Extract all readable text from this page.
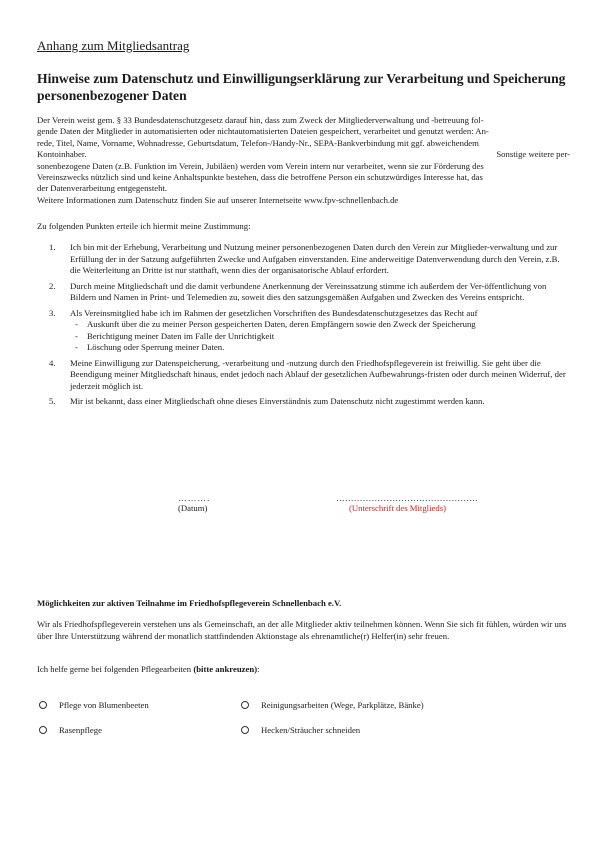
Anhang zum Mitgliedsantrag
Hinweise zum Datenschutz und Einwilligungserklärung zur Verarbeitung und Speicherung personenbezogener Daten

Der Verein weist gem. § 33 Bundesdatenschutzgesetz darauf hin, dass zum Zweck der Mitgliederverwaltung und -betreuung fol-

gende Daten der Mitglieder in automatisierten oder nichtautomatisierten Dateien gespeichert, verarbeitet und genutzt werden: An-

rede, Titel, Name, Vorname, Wohnadresse, Geburtsdatum, Telefon-/Handy-Nr., SEPA-Bankverbindung mit ggf. abweichendem

Kontoinhaber.	Sonstige weitere per-

sonenbezogene Daten (z.B. Funktion im Verein, Jubiläen) werden vom Verein intern nur verarbeitet, wenn sie zur Förderung des

Vereinszwecks nützlich sind und keine Anhaltspunkte bestehen, dass die betroffene Person ein schutzwürdiges Interesse hat, das

der Datenverarbeitung entgegensteht.

Weitere Informationen zum Datenschutz finden Sie auf unserer Internetseite www.fpv-schnellenbach.de

Zu folgenden Punkten erteile ich hiermit meine Zustimmung:
1. Ich bin mit der Erhebung, Verarbeitung und Nutzung meiner personenbezogenen Daten durch den Verein zur Mitglieder-verwaltung und zur Erfüllung der in der Satzung aufgeführten Zwecke und Aufgaben einverstanden. Eine anderweitige Datenverwendung durch den Verein, z.B. die Weiterleitung an Dritte ist nur statthaft, wenn dies der organisatorische Ablauf erfordert.
2. Durch meine Mitgliedschaft und die damit verbundene Anerkennung der Vereinssatzung stimme ich außerdem der Ver-öffentlichung von Bildern und Namen in Print- und Telemedien zu, soweit dies den satzungsgemäßen Aufgaben und Zwecken des Vereins entspricht.
3. Als Vereinsmitglied habe ich im Rahmen der gesetzlichen Vorschriften des Bundesdatenschutzgesetzes das Recht auf
- Auskunft über die zu meiner Person gespeicherten Daten, deren Empfängern sowie den Zweck der Speicherung
- Berichtigung meiner Daten im Falle der Unrichtigkeit
- Löschung oder Sperrung meiner Daten.
4. Meine Einwilligung zur Datenspeicherung, -verarbeitung und -nutzung durch den Friedhofspflegeverein ist freiwillig. Sie geht über die Beendigung meiner Mitgliedschaft hinaus, endet jedoch nach Ablauf der gesetzlichen Aufbewahrungs-fristen oder durch meinen Widerruf, der jederzeit möglich ist.
5. Mir ist bekannt, dass einer Mitgliedschaft ohne dieses Einverständnis zum Datenschutz nicht zugestimmt werden kann.
……….	…………………………………………
(Datum)	(Unterschrift des Mitglieds)
Möglichkeiten zur aktiven Teilnahme im Friedhofspflegeverein Schnellenbach e.V.
Wir als Friedhofspflegeverein verstehen uns als Gemeinschaft, an der alle Mitglieder aktiv teilnehmen können. Wenn Sie sich fit fühlen, würden wir uns über Ihre Unterstützung während der monatlich stattfindenden Aktionstage als ehrenamtliche(r) Helfer(in) sehr freuen.
Ich helfe gerne bei folgenden Pflegearbeiten (bitte ankreuzen):
Pflege von Blumenbeeten	Reinigungsarbeiten (Wege, Parkplätze, Bänke)
Rasenpflege	Hecken/Sträucher schneiden
